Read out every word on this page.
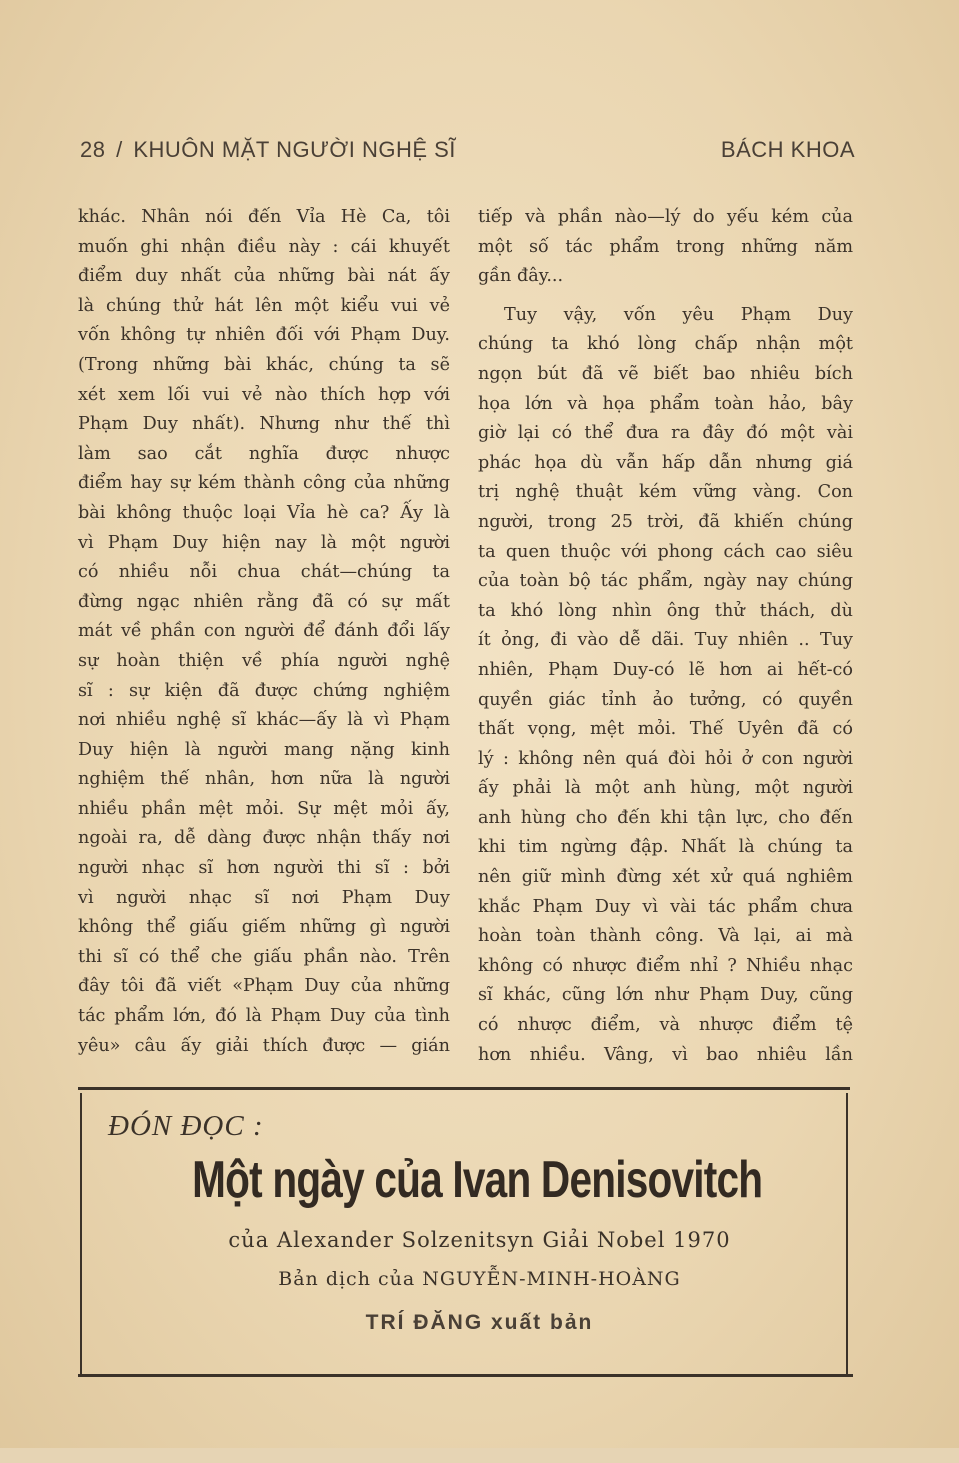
28 / KHUÔN MẶT NGƯỜI NGHỆ SĨ	BÁCH KHOA
khác. Nhân nói đến Vỉa Hè Ca, tôi
muốn ghi nhận điều này : cái khuyết
điểm duy nhất của những bài nát ấy
là chúng thử hát lên một kiểu vui vẻ
vốn không tự nhiên đối với Phạm Duy.
(Trong những bài khác, chúng ta sẽ
xét xem lối vui vẻ nào thích hợp với
Phạm Duy nhất). Nhưng như thế thì
làm sao cắt nghĩa được nhược
điểm hay sự kém thành công của những
bài không thuộc loại Vỉa hè ca? Ấy là
vì Phạm Duy hiện nay là một người
có nhiều nỗi chua chát—chúng ta
đừng ngạc nhiên rằng đã có sự mất
mát về phần con người để đánh đổi lấy
sự hoàn thiện về phía người nghệ
sĩ : sự kiện đã được chứng nghiệm
nơi nhiều nghệ sĩ khác—ấy là vì Phạm
Duy hiện là người mang nặng kinh
nghiệm thế nhân, hơn nữa là người
nhiều phần mệt mỏi. Sự mệt mỏi ấy,
ngoài ra, dễ dàng được nhận thấy nơi
người nhạc sĩ hơn người thi sĩ : bởi
vì người nhạc sĩ nơi Phạm Duy
không thể giấu giếm những gì người
thi sĩ có thể che giấu phần nào. Trên
đây tôi đã viết «Phạm Duy của những
tác phẩm lớn, đó là Phạm Duy của tình
yêu» câu ấy giải thích được — gián
tiếp và phần nào—lý do yếu kém của
một số tác phẩm trong những năm
gần đây...
Tuy vậy, vốn yêu Phạm Duy
chúng ta khó lòng chấp nhận một
ngọn bút đã vẽ biết bao nhiêu bích
họa lớn và họa phẩm toàn hảo, bây
giờ lại có thể đưa ra đây đó một vài
phác họa dù vẫn hấp dẫn nhưng giá
trị nghệ thuật kém vững vàng. Con
người, trong 25 trời, đã khiến chúng
ta quen thuộc với phong cách cao siêu
của toàn bộ tác phẩm, ngày nay chúng
ta khó lòng nhìn ông thử thách, dù
ít ỏng, đi vào dễ dãi. Tuy nhiên .. Tuy
nhiên, Phạm Duy-có lẽ hơn ai hết-có
quyền giác tỉnh ảo tưởng, có quyền
thất vọng, mệt mỏi. Thế Uyên đã có
lý : không nên quá đòi hỏi ở con người
ấy phải là một anh hùng, một người
anh hùng cho đến khi tận lực, cho đến
khi tim ngừng đập. Nhất là chúng ta
nên giữ mình đừng xét xử quá nghiêm
khắc Phạm Duy vì vài tác phẩm chưa
hoàn toàn thành công. Và lại, ai mà
không có nhược điểm nhỉ ? Nhiều nhạc
sĩ khác, cũng lớn như Phạm Duy, cũng
có nhược điểm, và nhược điểm tệ
hơn nhiều. Vâng, vì bao nhiêu lần
ĐÓN ĐỌC :
Một ngày của Ivan Denisovitch
của Alexander Solzenitsyn Giải Nobel 1970
Bản dịch của NGUYỄN-MINH-HOÀNG
TRÍ ĐĂNG xuất bản
